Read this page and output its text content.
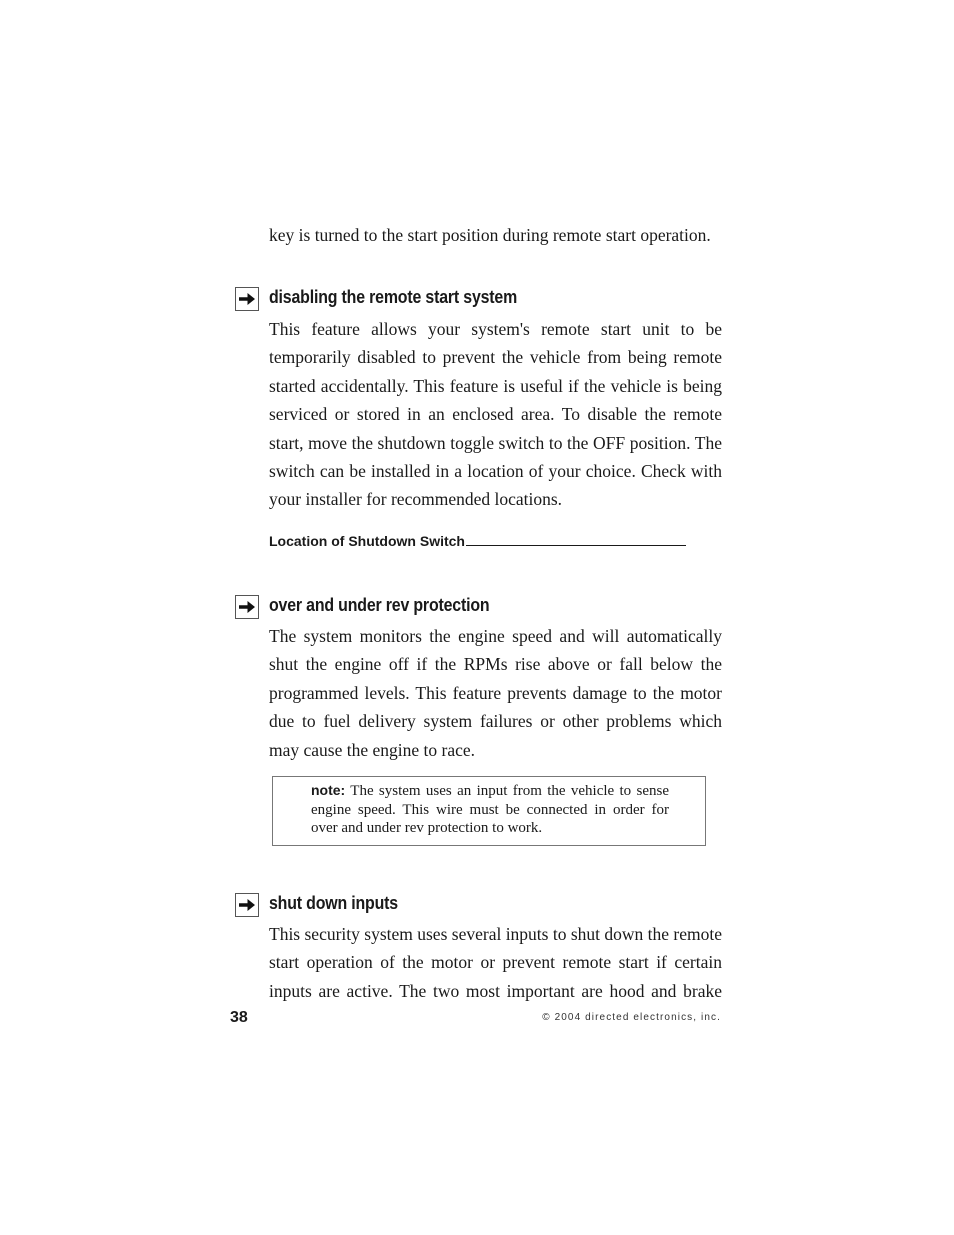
key is turned to the start position during remote start operation.

disabling the remote start system

This feature allows your system's remote start unit to be temporarily disabled to prevent the vehicle from being remote started accidentally. This feature is useful if the vehicle is being serviced or stored in an enclosed area. To disable the remote start, move the shutdown toggle switch to the OFF position. The switch can be installed in a location of your choice. Check with your installer for recommended locations.

Location of Shutdown Switch
over and under rev protection

The system monitors the engine speed and will automatically shut the engine off if the RPMs rise above or fall below the programmed levels. This feature prevents damage to the motor due to fuel delivery system failures or other problems which may cause the engine to race.

note: The system uses an input from the vehicle to sense engine speed. This wire must be connected in order for over and under rev protection to work.
shut down inputs

This security system uses several inputs to shut down the remote start operation of the motor or prevent remote start if certain inputs are active. The two most important are hood and brake

38	© 2004 directed electronics, inc.
